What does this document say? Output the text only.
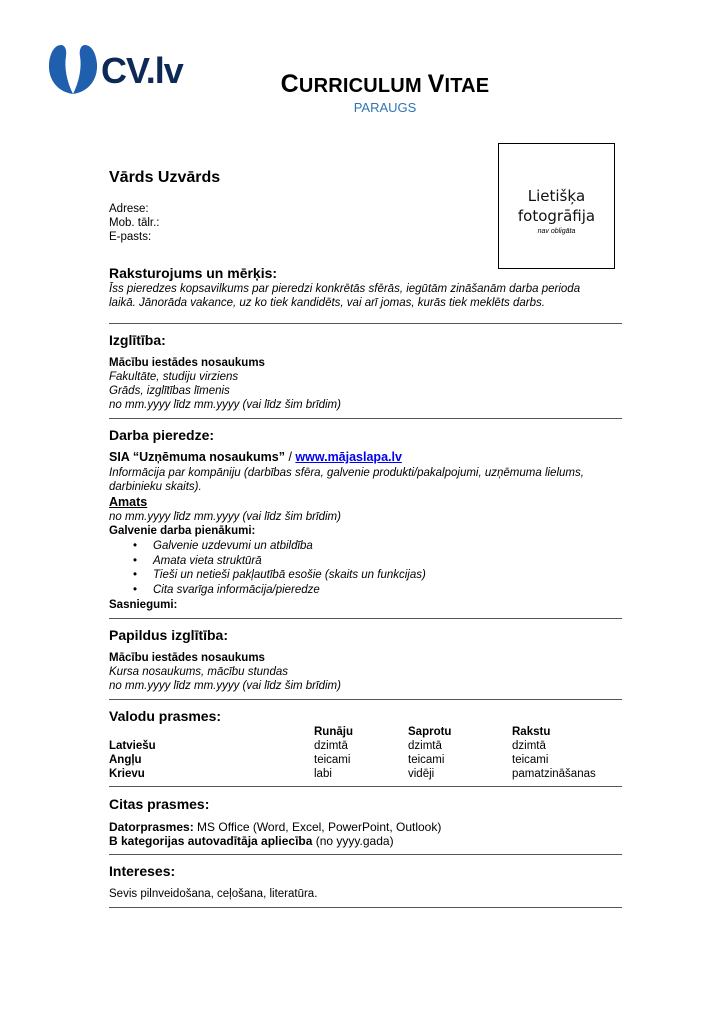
CV.lv	CURRICULUM VITAE
PARAUGS
Lietišķa
fotogrāfija
nav obligāta
Vārds Uzvārds
Adrese:
Mob. tālr.:
E-pasts:
Raksturojums un mērķis:
Īss pieredzes kopsavilkums par pieredzi konkrētās sfērās, iegūtām zināšanām darba perioda
laikā. Jānorāda vakance, uz ko tiek kandidēts, vai arī jomas, kurās tiek meklēts darbs.
Izglītība:
Mācību iestādes nosaukums
Fakultāte, studiju virziens
Grāds, izglītības līmenis
no mm.yyyy līdz mm.yyyy (vai līdz šim brīdim)
Darba pieredze:
SIA “Uzņēmuma nosaukums” / www.mājaslapa.lv
Informācija par kompāniju (darbības sfēra, galvenie produkti/pakalpojumi, uzņēmuma lielums,
darbinieku skaits).
Amats
no mm.yyyy līdz mm.yyyy (vai līdz šim brīdim)
Galvenie darba pienākumi:
• Galvenie uzdevumi un atbildība
• Amata vieta struktūrā
• Tieši un netieši pakļautībā esošie (skaits un funkcijas)
• Cita svarīga informācija/pieredze
Sasniegumi:
Papildus izglītība:
Mācību iestādes nosaukums
Kursa nosaukums, mācību stundas
no mm.yyyy līdz mm.yyyy (vai līdz šim brīdim)
Valodu prasmes:
	Runāju	Saprotu	Rakstu
Latviešu	dzimtā	dzimtā	dzimtā
Angļu	teicami	teicami	teicami
Krievu	labi	vidēji	pamatzināšanas
Citas prasmes:
Datorprasmes: MS Office (Word, Excel, PowerPoint, Outlook)
B kategorijas autovadītāja apliecība (no yyyy.gada)
Intereses:
Sevis pilnveidošana, ceļošana, literatūra.
